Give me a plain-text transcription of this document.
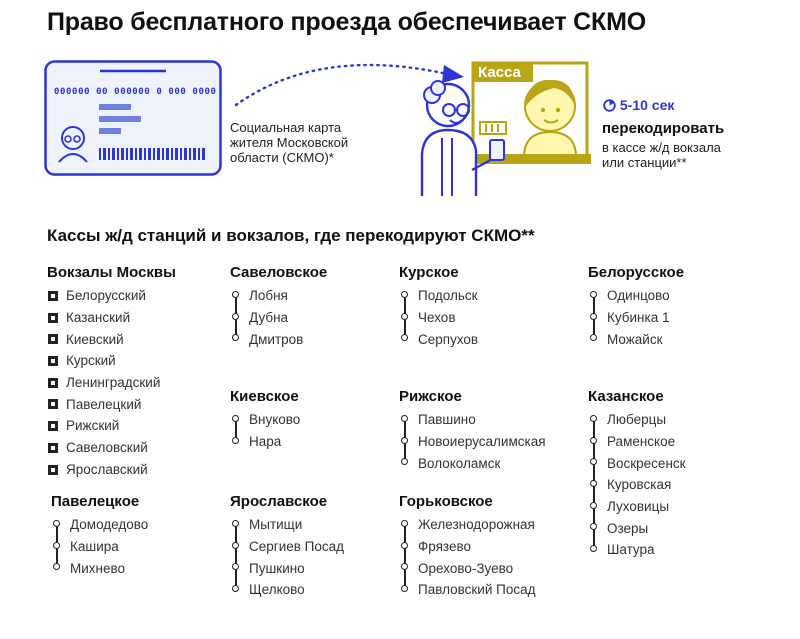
Право бесплатного проезда обеспечивает СКМО
000000 00 000000 0 000 0000
Социальная карта
жителя Московской
области (СКМО)*
Касса
5-10 сек
перекодировать
в кассе ж/д вокзала
или станции**
Кассы ж/д станций и вокзалов, где перекодируют СКМО**
Вокзалы Москвы
Белорусский
Казанский
Киевский
Курский
Ленинградский
Павелецкий
Рижский
Савеловский
Ярославский
Павелецкое
Домодедово
Кашира
Михнево
Савеловское
Лобня
Дубна
Дмитров
Киевское
Внуково
Нара
Ярославское
Мытищи
Сергиев Посад
Пушкино
Щелково
Курское
Подольск
Чехов
Серпухов
Рижское
Павшино
Новоиерусалимская
Волоколамск
Горьковское
Железнодорожная
Фрязево
Орехово-Зуево
Павловский Посад
Белорусское
Одинцово
Кубинка 1
Можайск
Казанское
Люберцы
Раменское
Воскресенск
Куровская
Луховицы
Озеры
Шатура
